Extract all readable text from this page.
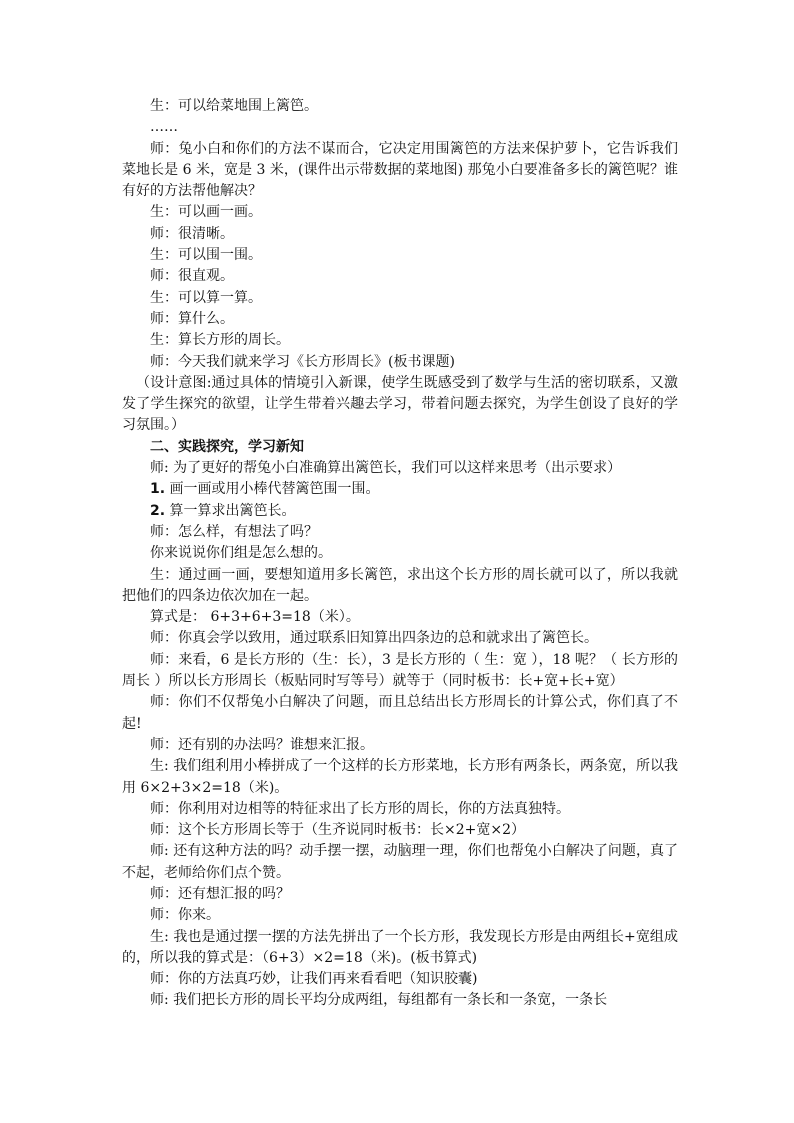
生：可以给菜地围上篱笆。

……

师：兔小白和你们的方法不谋而合，它决定用围篱笆的方法来保护萝卜，它告诉我们菜地长是 6 米，宽是 3 米，(课件出示带数据的菜地图) 那兔小白要准备多长的篱笆呢？谁有好的方法帮他解决？

生：可以画一画。

师：很清晰。

生：可以围一围。

师：很直观。

生：可以算一算。

师：算什么。

生：算长方形的周长。

师：今天我们就来学习《长方形周长》(板书课题)

（设计意图:通过具体的情境引入新课，使学生既感受到了数学与生活的密切联系，又激发了学生探究的欲望，让学生带着兴趣去学习，带着问题去探究，为学生创设了良好的学习氛围。）

二、实践探究，学习新知

师: 为了更好的帮兔小白准确算出篱笆长，我们可以这样来思考（出示要求）

1. 画一画或用小棒代替篱笆围一围。

2. 算一算求出篱笆长。

师：怎么样，有想法了吗？

你来说说你们组是怎么想的。

生：通过画一画，要想知道用多长篱笆，求出这个长方形的周长就可以了，所以我就把他们的四条边依次加在一起。

算式是： 6+3+6+3=18（米）。

师：你真会学以致用，通过联系旧知算出四条边的总和就求出了篱笆长。

师：来看，6 是长方形的（生：长），3 是长方形的（ 生：宽 ），18 呢？（ 长方形的周长 ）所以长方形周长（板贴同时写等号）就等于（同时板书：长+宽+长+宽）

师：你们不仅帮兔小白解决了问题，而且总结出长方形周长的计算公式，你们真了不起!

师：还有别的办法吗？谁想来汇报。

生: 我们组利用小棒拼成了一个这样的长方形菜地，长方形有两条长，两条宽，所以我用 6×2+3×2=18（米)。

师：你利用对边相等的特征求出了长方形的周长，你的方法真独特。

师：这个长方形周长等于（生齐说同时板书：长×2+宽×2）

师: 还有这种方法的吗？动手摆一摆，动脑理一理，你们也帮兔小白解决了问题，真了不起，老师给你们点个赞。

师：还有想汇报的吗？

师：你来。

生: 我也是通过摆一摆的方法先拼出了一个长方形，我发现长方形是由两组长+宽组成的，所以我的算式是：（6+3）×2=18（米)。(板书算式)

师：你的方法真巧妙，让我们再来看看吧（知识胶囊)

师: 我们把长方形的周长平均分成两组，每组都有一条长和一条宽，一条长
